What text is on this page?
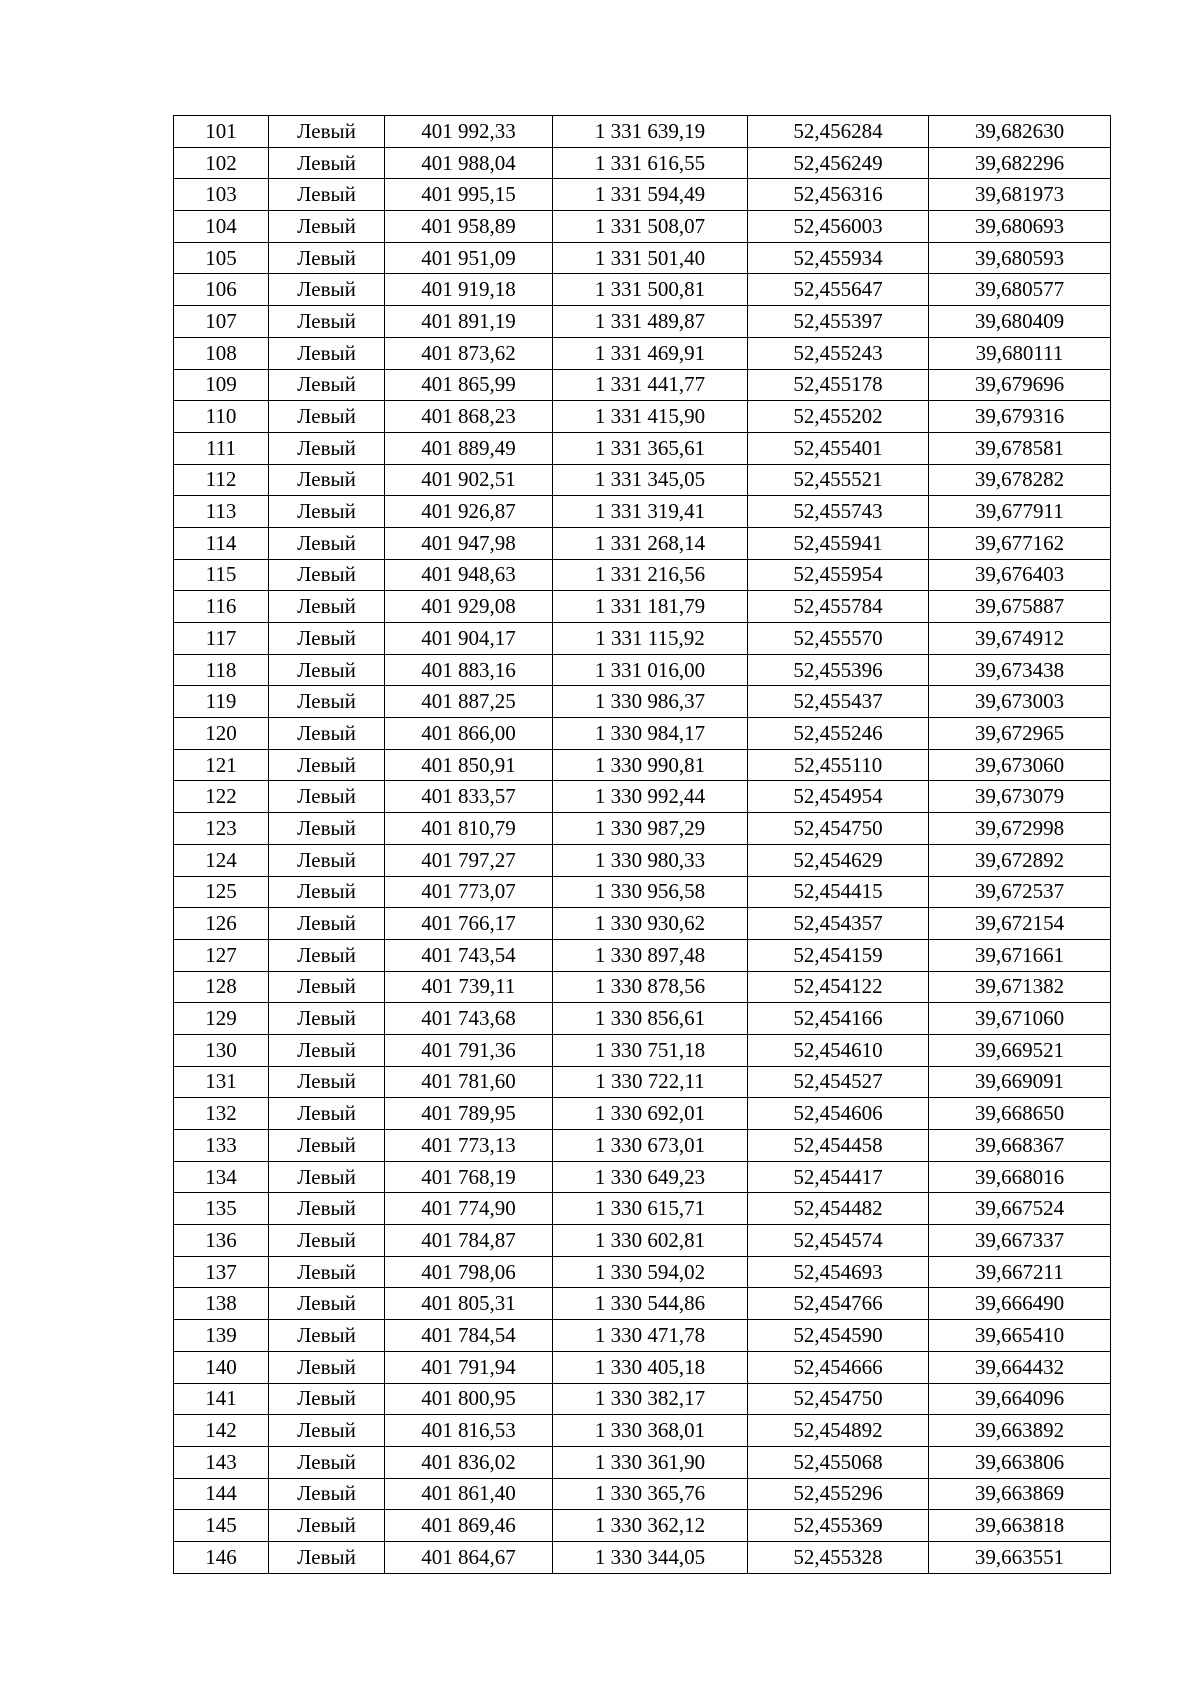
101	Левый	401 992,33	1 331 639,19	52,456284	39,682630
102	Левый	401 988,04	1 331 616,55	52,456249	39,682296
103	Левый	401 995,15	1 331 594,49	52,456316	39,681973
104	Левый	401 958,89	1 331 508,07	52,456003	39,680693
105	Левый	401 951,09	1 331 501,40	52,455934	39,680593
106	Левый	401 919,18	1 331 500,81	52,455647	39,680577
107	Левый	401 891,19	1 331 489,87	52,455397	39,680409
108	Левый	401 873,62	1 331 469,91	52,455243	39,680111
109	Левый	401 865,99	1 331 441,77	52,455178	39,679696
110	Левый	401 868,23	1 331 415,90	52,455202	39,679316
111	Левый	401 889,49	1 331 365,61	52,455401	39,678581
112	Левый	401 902,51	1 331 345,05	52,455521	39,678282
113	Левый	401 926,87	1 331 319,41	52,455743	39,677911
114	Левый	401 947,98	1 331 268,14	52,455941	39,677162
115	Левый	401 948,63	1 331 216,56	52,455954	39,676403
116	Левый	401 929,08	1 331 181,79	52,455784	39,675887
117	Левый	401 904,17	1 331 115,92	52,455570	39,674912
118	Левый	401 883,16	1 331 016,00	52,455396	39,673438
119	Левый	401 887,25	1 330 986,37	52,455437	39,673003
120	Левый	401 866,00	1 330 984,17	52,455246	39,672965
121	Левый	401 850,91	1 330 990,81	52,455110	39,673060
122	Левый	401 833,57	1 330 992,44	52,454954	39,673079
123	Левый	401 810,79	1 330 987,29	52,454750	39,672998
124	Левый	401 797,27	1 330 980,33	52,454629	39,672892
125	Левый	401 773,07	1 330 956,58	52,454415	39,672537
126	Левый	401 766,17	1 330 930,62	52,454357	39,672154
127	Левый	401 743,54	1 330 897,48	52,454159	39,671661
128	Левый	401 739,11	1 330 878,56	52,454122	39,671382
129	Левый	401 743,68	1 330 856,61	52,454166	39,671060
130	Левый	401 791,36	1 330 751,18	52,454610	39,669521
131	Левый	401 781,60	1 330 722,11	52,454527	39,669091
132	Левый	401 789,95	1 330 692,01	52,454606	39,668650
133	Левый	401 773,13	1 330 673,01	52,454458	39,668367
134	Левый	401 768,19	1 330 649,23	52,454417	39,668016
135	Левый	401 774,90	1 330 615,71	52,454482	39,667524
136	Левый	401 784,87	1 330 602,81	52,454574	39,667337
137	Левый	401 798,06	1 330 594,02	52,454693	39,667211
138	Левый	401 805,31	1 330 544,86	52,454766	39,666490
139	Левый	401 784,54	1 330 471,78	52,454590	39,665410
140	Левый	401 791,94	1 330 405,18	52,454666	39,664432
141	Левый	401 800,95	1 330 382,17	52,454750	39,664096
142	Левый	401 816,53	1 330 368,01	52,454892	39,663892
143	Левый	401 836,02	1 330 361,90	52,455068	39,663806
144	Левый	401 861,40	1 330 365,76	52,455296	39,663869
145	Левый	401 869,46	1 330 362,12	52,455369	39,663818
146	Левый	401 864,67	1 330 344,05	52,455328	39,663551
